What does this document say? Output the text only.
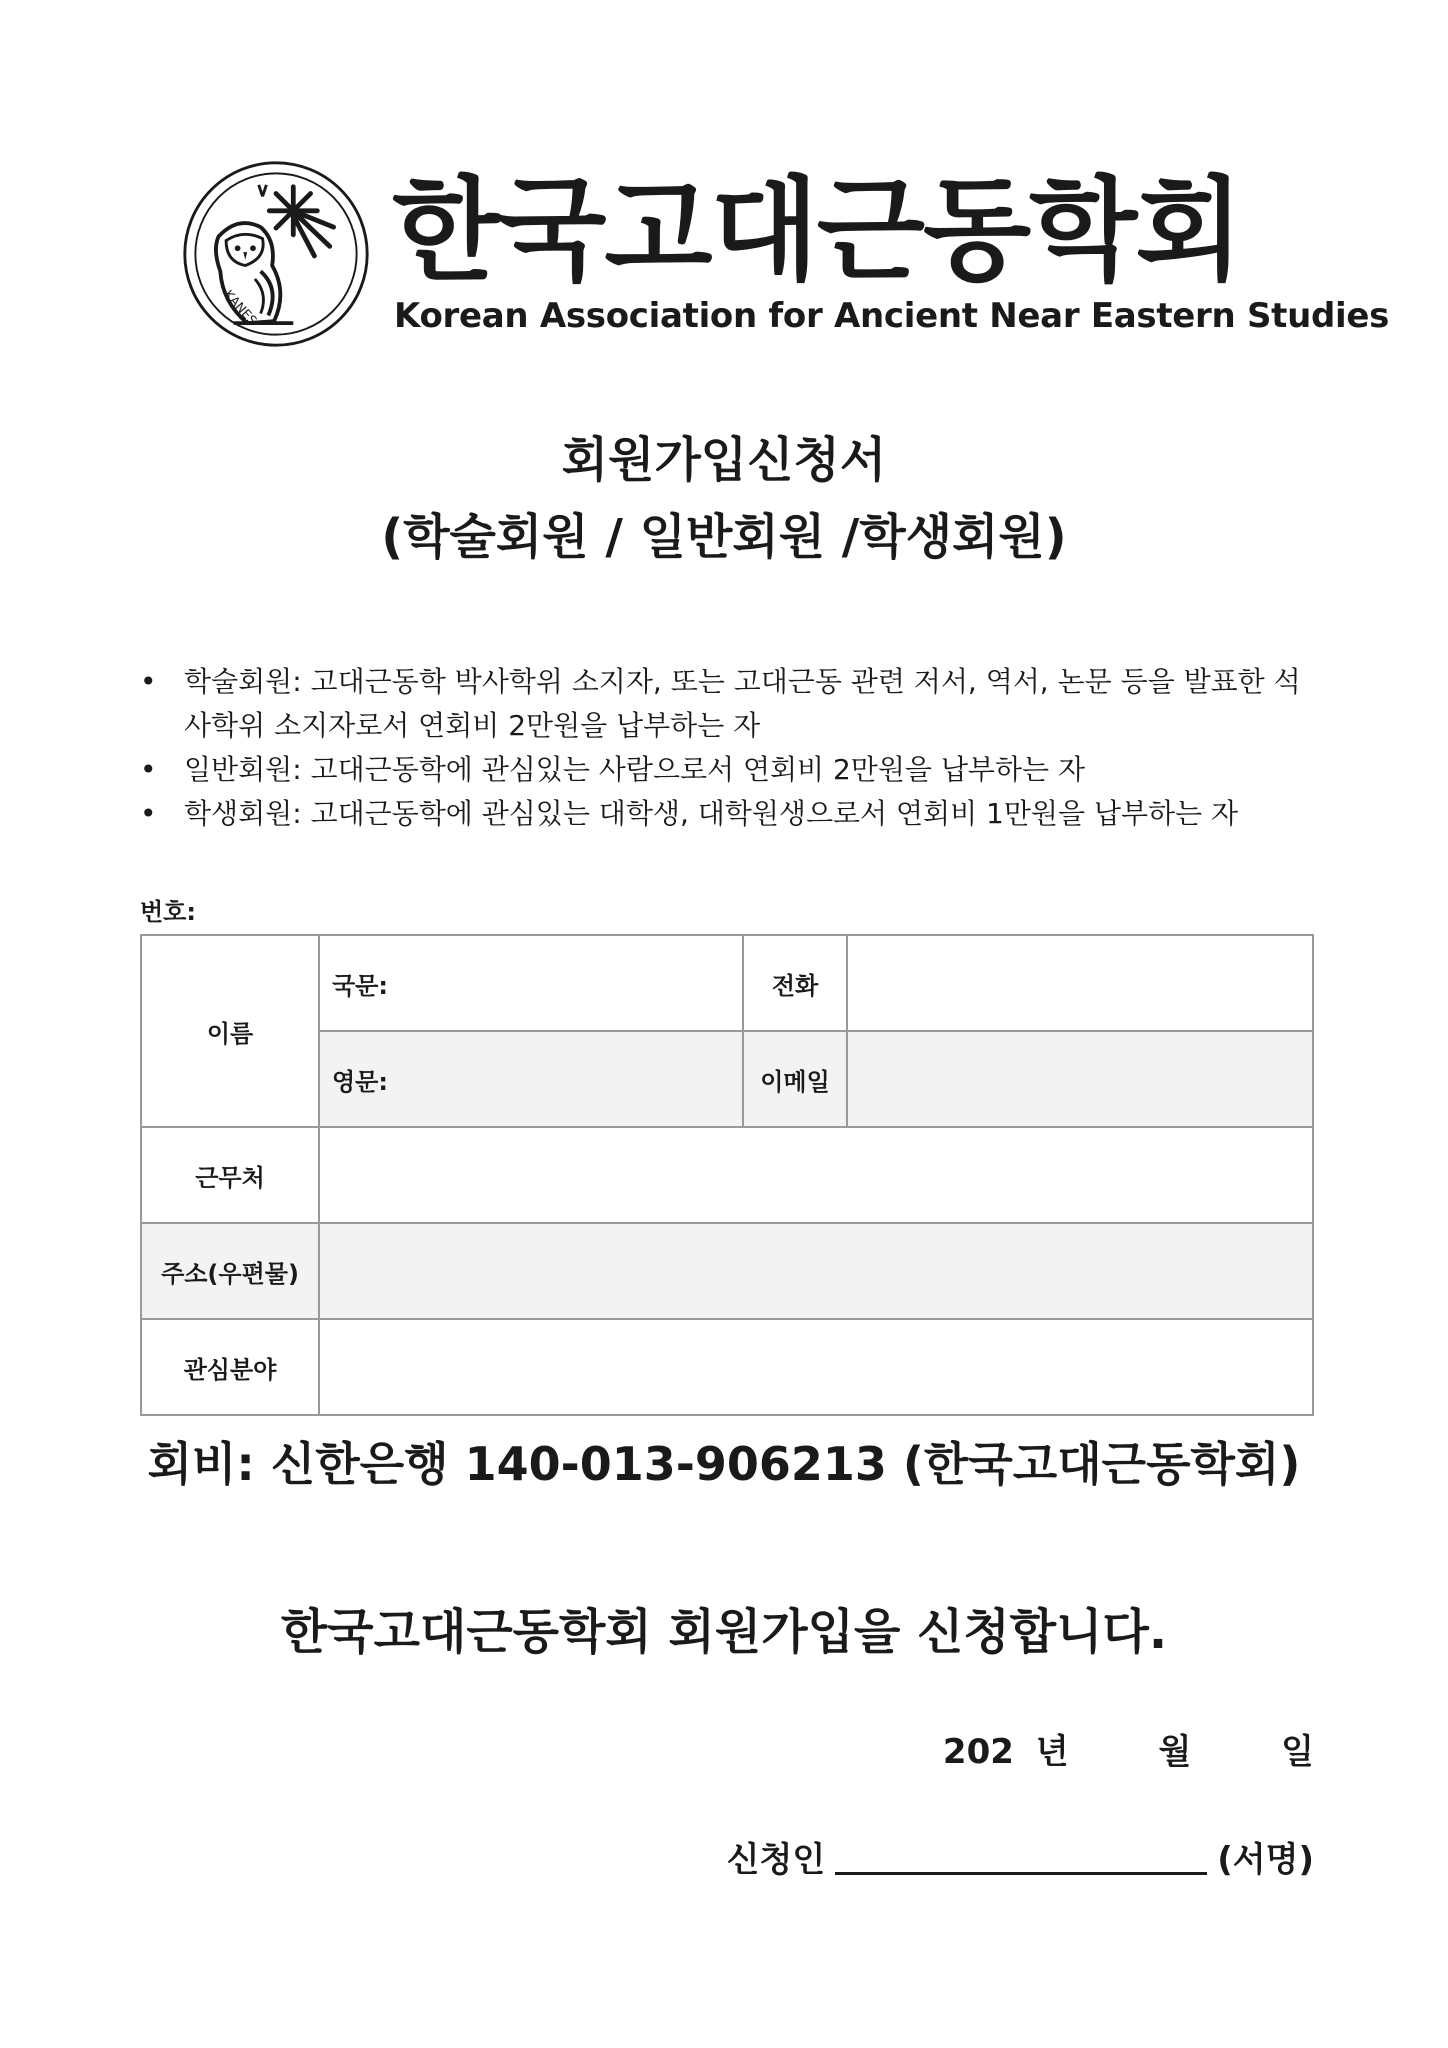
KANES
한국고대근동학회
Korean Association for Ancient Near Eastern Studies
회원가입신청서
(학술회원 / 일반회원 /학생회원)
• 학술회원: 고대근동학 박사학위 소지자, 또는 고대근동 관련 저서, 역서, 논문 등을 발표한 석사학위 소지자로서 연회비 2만원을 납부하는 자
• 일반회원: 고대근동학에 관심있는 사람으로서 연회비 2만원을 납부하는 자
• 학생회원: 고대근동학에 관심있는 대학생, 대학원생으로서 연회비 1만원을 납부하는 자
번호:
이름	국문:	전화	
	영문:	이메일	
근무처			
주소(우편물)			
관심분야			
회비: 신한은행 140-013-906213 (한국고대근동학회)
한국고대근동학회 회원가입을 신청합니다.
202 년	월	일
신청인	(서명)
